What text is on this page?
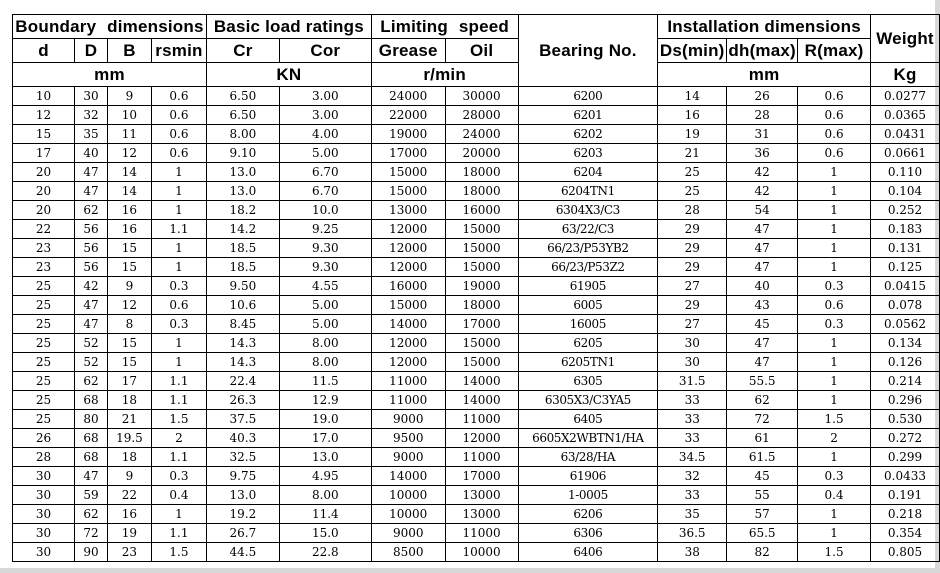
Boundary dimensions				Basic load ratings		Limiting speed		Bearing No.	Installation dimensions			Weight
d	D	B	rsmin	Cr	Cor	Grease	Oil		Ds(min)	dh(max)	R(max)	
mm				KN		r/min			mm			Kg
10	30	9	0.6	6.50	3.00	24000	30000	6200	14	26	0.6	0.0277
12	32	10	0.6	6.50	3.00	22000	28000	6201	16	28	0.6	0.0365
15	35	11	0.6	8.00	4.00	19000	24000	6202	19	31	0.6	0.0431
17	40	12	0.6	9.10	5.00	17000	20000	6203	21	36	0.6	0.0661
20	47	14	1	13.0	6.70	15000	18000	6204	25	42	1	0.110
20	47	14	1	13.0	6.70	15000	18000	6204TN1	25	42	1	0.104
20	62	16	1	18.2	10.0	13000	16000	6304X3/C3	28	54	1	0.252
22	56	16	1.1	14.2	9.25	12000	15000	63/22/C3	29	47	1	0.183
23	56	15	1	18.5	9.30	12000	15000	66/23/P53YB2	29	47	1	0.131
23	56	15	1	18.5	9.30	12000	15000	66/23/P53Z2	29	47	1	0.125
25	42	9	0.3	9.50	4.55	16000	19000	61905	27	40	0.3	0.0415
25	47	12	0.6	10.6	5.00	15000	18000	6005	29	43	0.6	0.078
25	47	8	0.3	8.45	5.00	14000	17000	16005	27	45	0.3	0.0562
25	52	15	1	14.3	8.00	12000	15000	6205	30	47	1	0.134
25	52	15	1	14.3	8.00	12000	15000	6205TN1	30	47	1	0.126
25	62	17	1.1	22.4	11.5	11000	14000	6305	31.5	55.5	1	0.214
25	68	18	1.1	26.3	12.9	11000	14000	6305X3/C3YA5	33	62	1	0.296
25	80	21	1.5	37.5	19.0	9000	11000	6405	33	72	1.5	0.530
26	68	19.5	2	40.3	17.0	9500	12000	6605X2WBTN1/HA	33	61	2	0.272
28	68	18	1.1	32.5	13.0	9000	11000	63/28/HA	34.5	61.5	1	0.299
30	47	9	0.3	9.75	4.95	14000	17000	61906	32	45	0.3	0.0433
30	59	22	0.4	13.0	8.00	10000	13000	1-0005	33	55	0.4	0.191
30	62	16	1	19.2	11.4	10000	13000	6206	35	57	1	0.218
30	72	19	1.1	26.7	15.0	9000	11000	6306	36.5	65.5	1	0.354
30	90	23	1.5	44.5	22.8	8500	10000	6406	38	82	1.5	0.805
